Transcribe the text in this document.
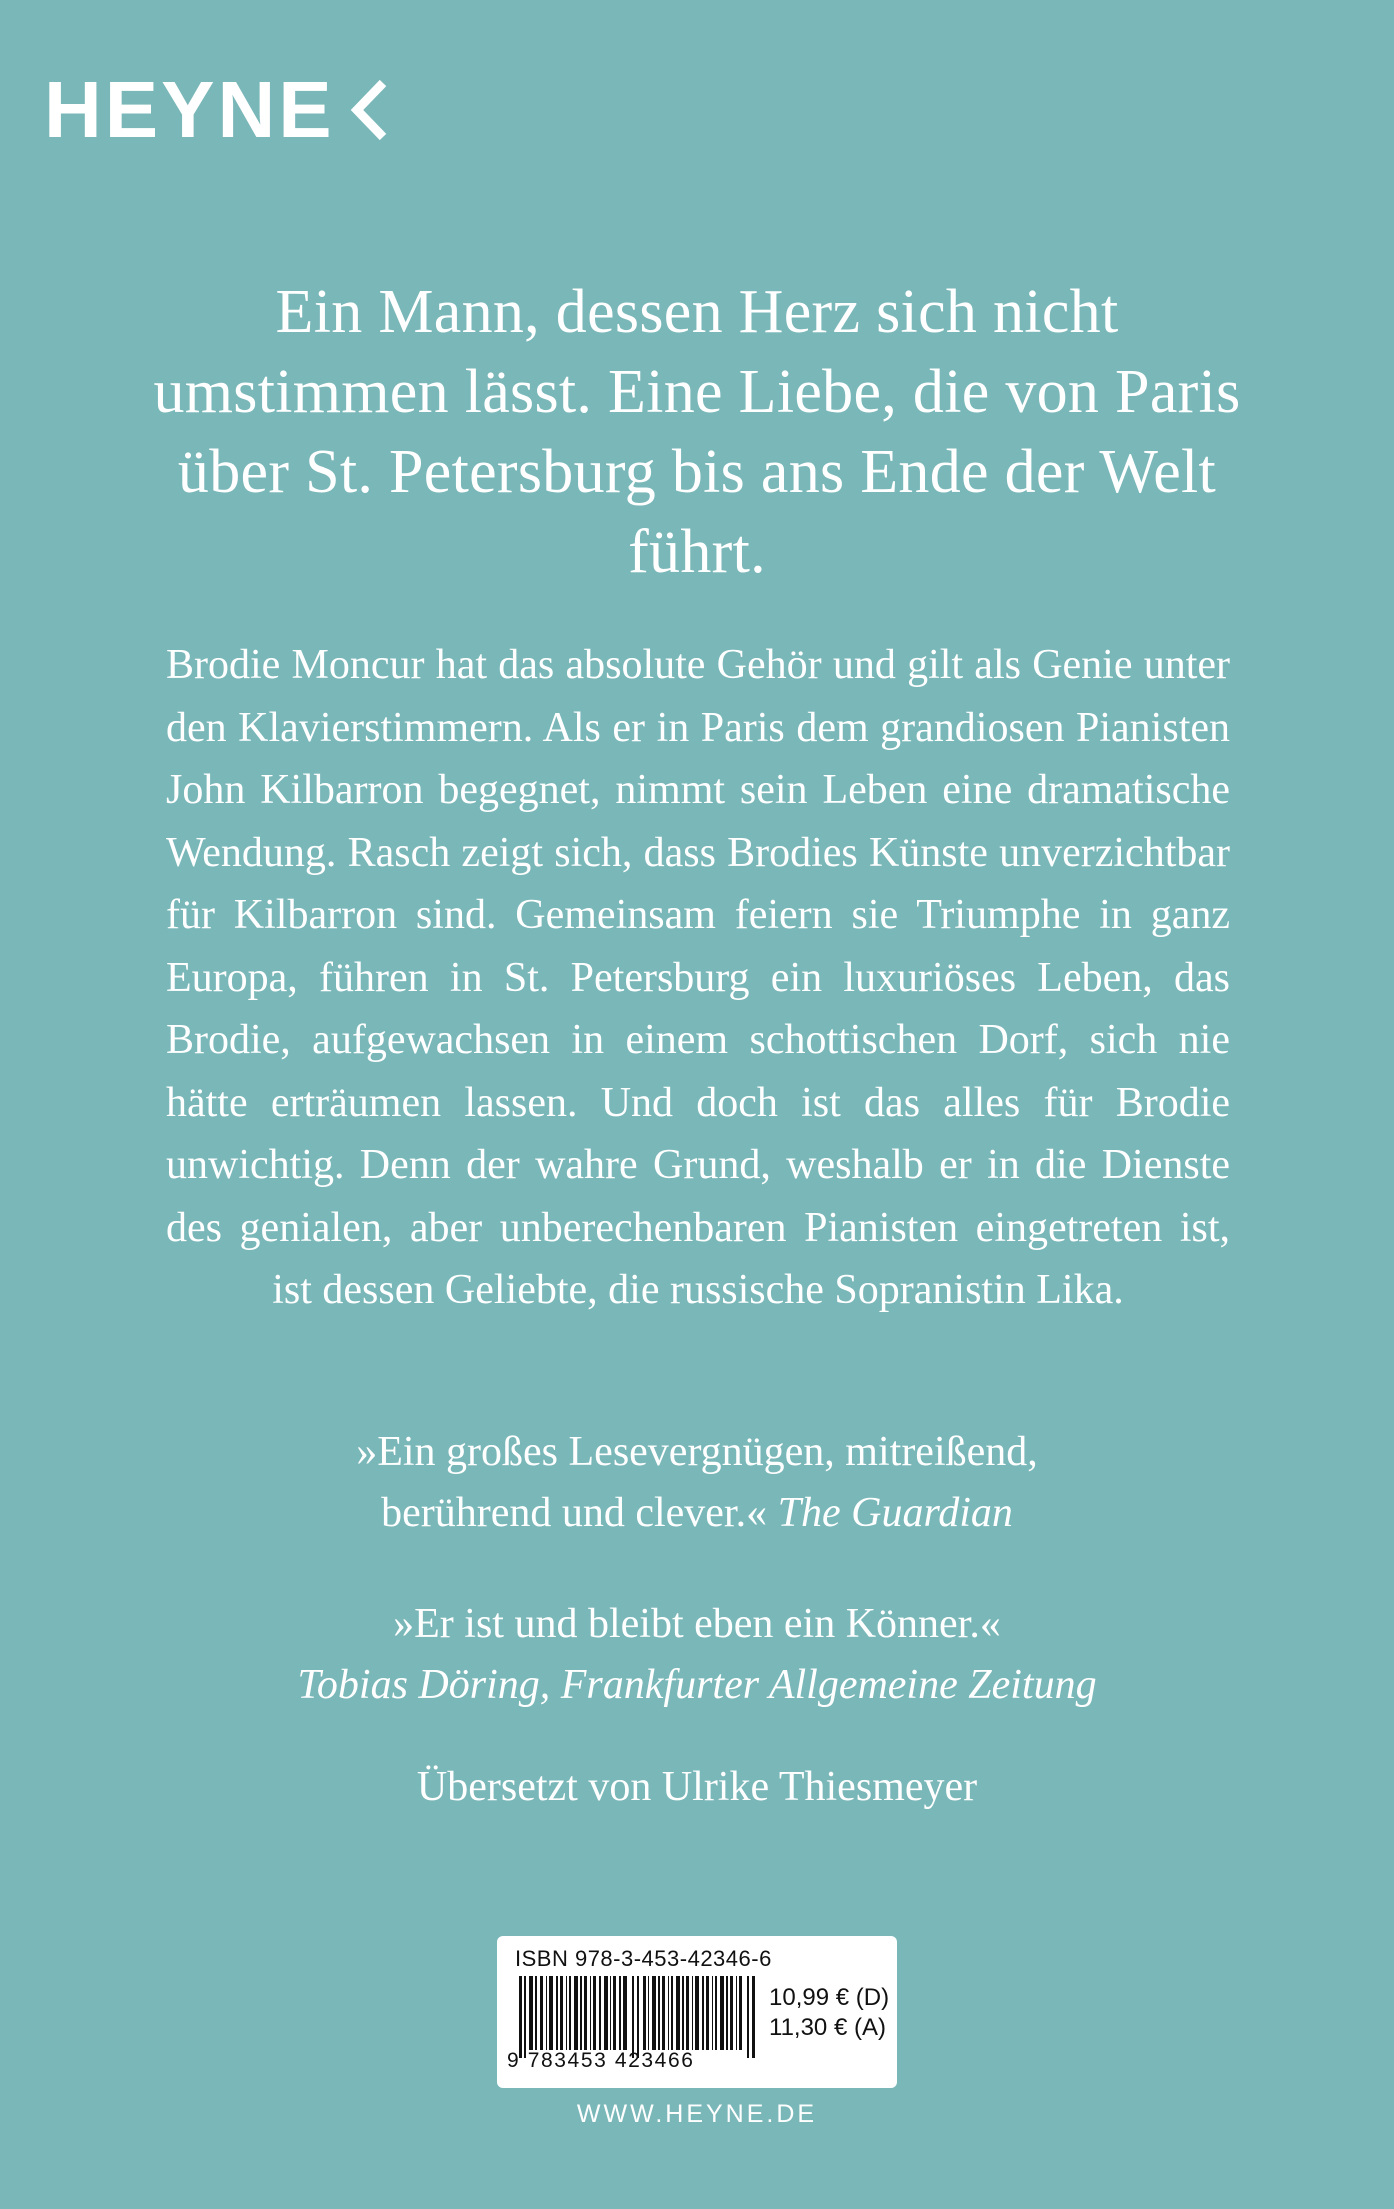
HEYNE
Ein Mann, dessen Herz sich nicht umstimmen lässt. Eine Liebe, die von Paris über St. Petersburg bis ans Ende der Welt führt.
Brodie Moncur hat das absolute Gehör und gilt als Genie unter den Klavierstimmern. Als er in Paris dem grandiosen Pianisten John Kilbarron begegnet, nimmt sein Leben eine dramatische Wendung. Rasch zeigt sich, dass Brodies Künste unverzichtbar für Kilbarron sind. Gemeinsam feiern sie Triumphe in ganz Europa, führen in St. Petersburg ein luxuriöses Leben, das Brodie, aufgewachsen in einem schottischen Dorf, sich nie hätte erträumen lassen. Und doch ist das alles für Brodie unwichtig. Denn der wahre Grund, weshalb er in die Dienste des genialen, aber unberechenbaren Pianisten eingetreten ist, ist dessen Geliebte, die russische Sopranistin Lika.
»Ein großes Lesevergnügen, mitreißend,
berührend und clever.« The Guardian
»Er ist und bleibt eben ein Könner.«
Tobias Döring, Frankfurter Allgemeine Zeitung
Übersetzt von Ulrike Thiesmeyer
ISBN 978-3-453-42346-6
9 783453 423466
10,99 € (D)
11,30 € (A)
WWW.HEYNE.DE
